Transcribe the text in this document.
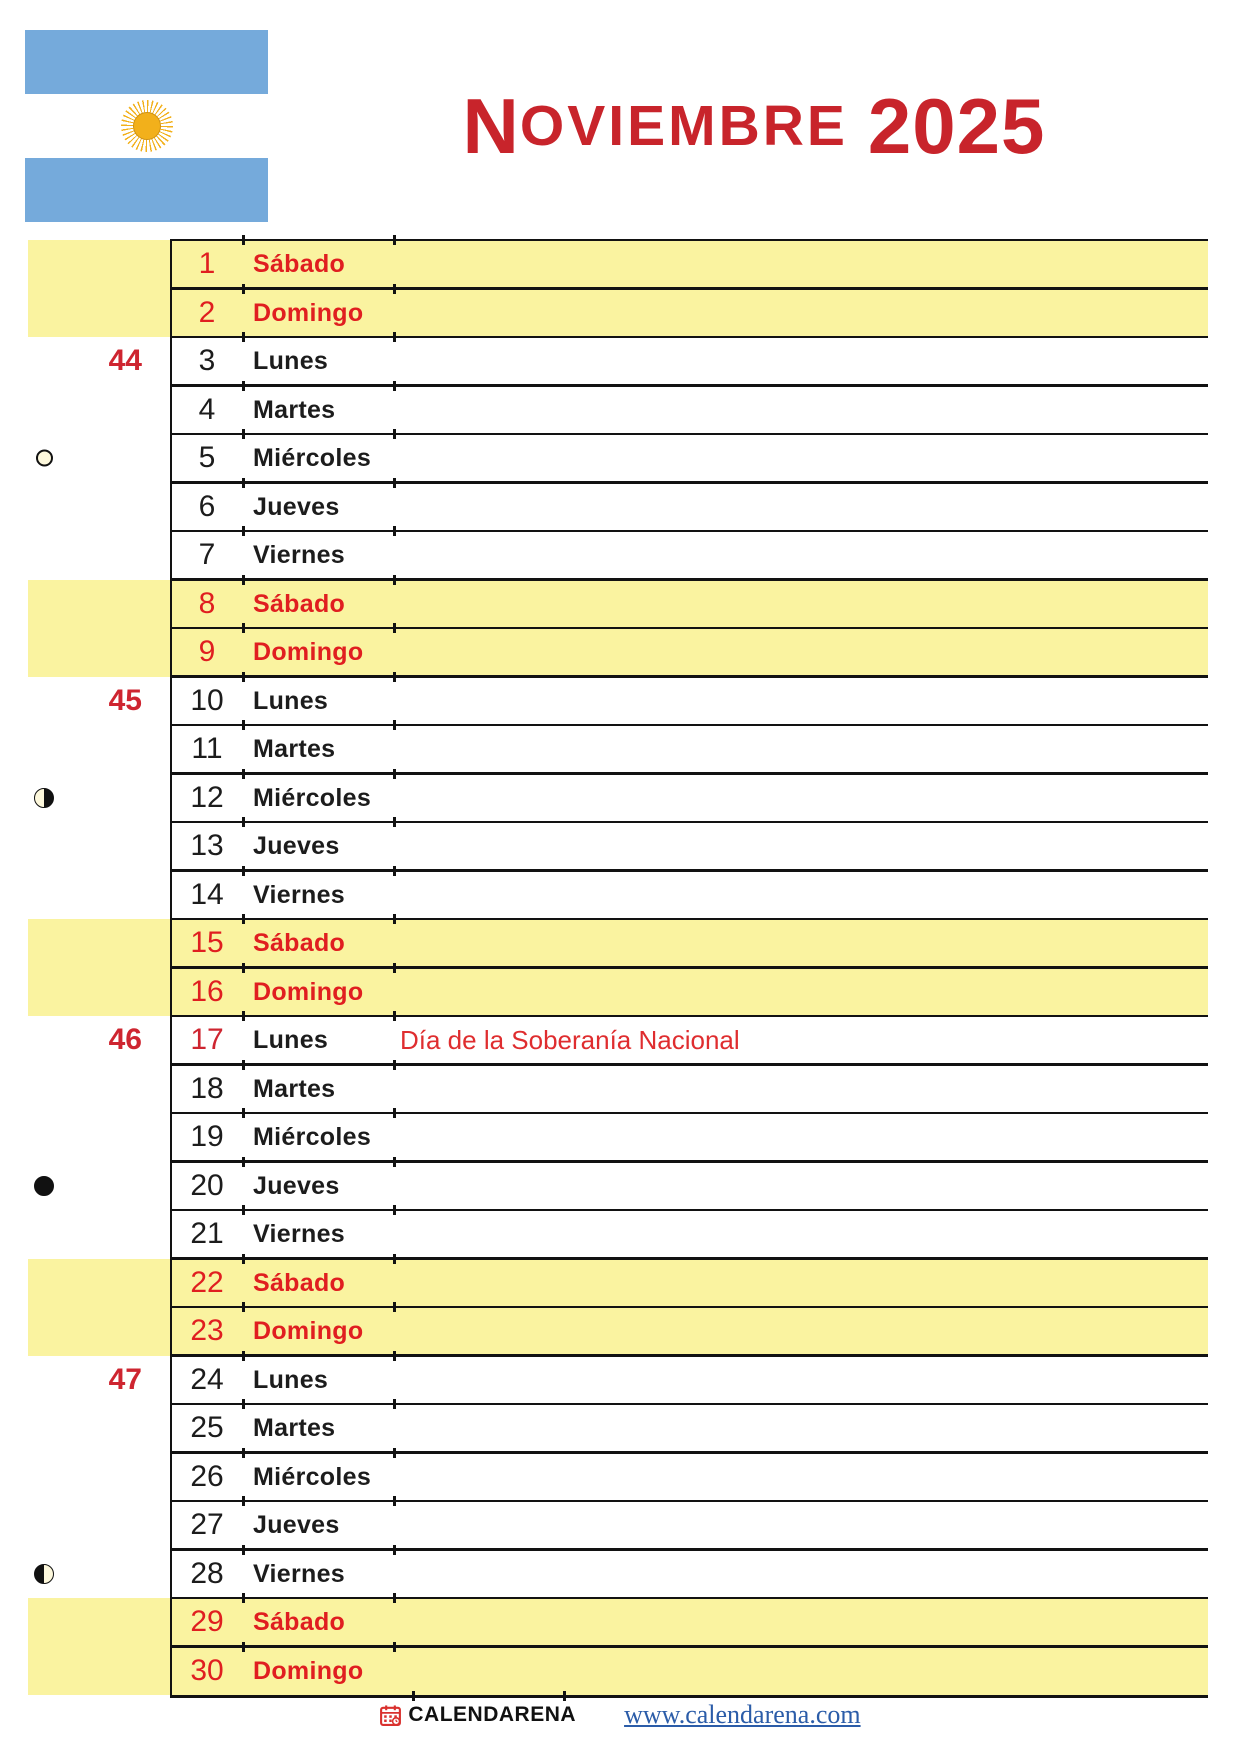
N OVIEMBRE 2025
1	Sábado
2	Domingo
44	3	Lunes
4	Martes
5	Miércoles
6	Jueves
7	Viernes
8	Sábado
9	Domingo
45	10	Lunes
11	Martes
12	Miércoles
13	Jueves
14	Viernes
15	Sábado
16	Domingo
46	17	Lunes	Día de la Soberanía Nacional
18	Martes
19	Miércoles
20	Jueves
21	Viernes
22	Sábado
23	Domingo
47	24	Lunes
25	Martes
26	Miércoles
27	Jueves
28	Viernes
29	Sábado
30	Domingo
CALENDARENA www.calendarena.com
